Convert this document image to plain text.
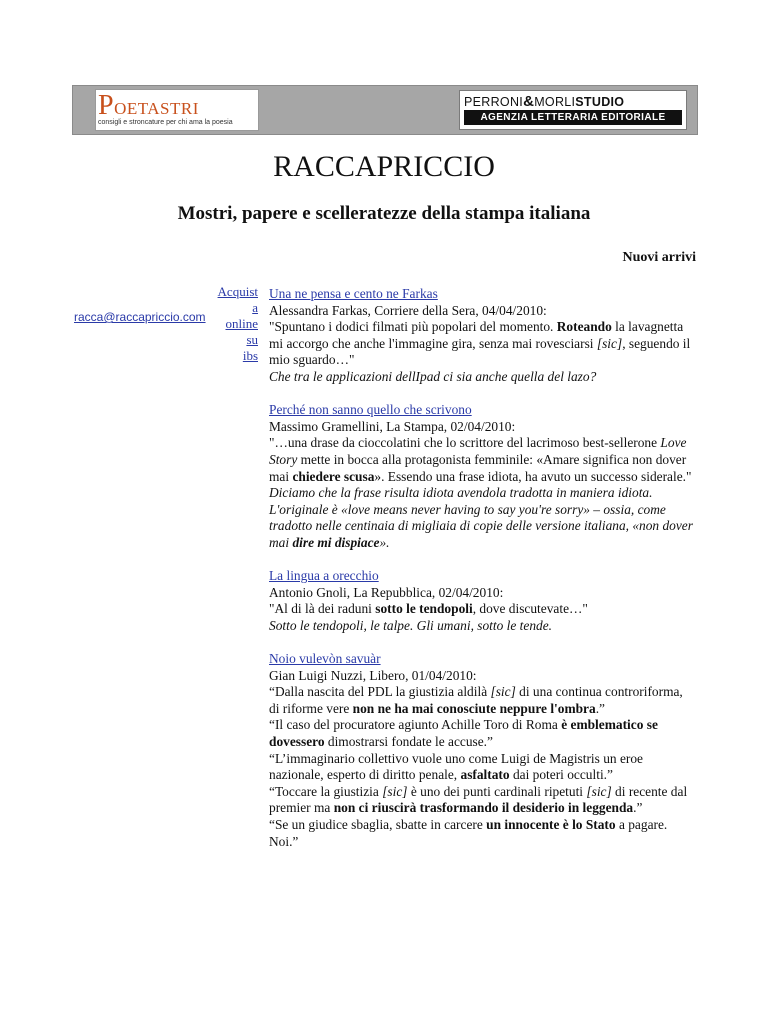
POETASTRI
consigli e stroncature per chi ama la poesia
PERRONI&MORLISTUDIO
AGENZIA LETTERARIA EDITORIALE
RACCAPRICCIO
Mostri, papere e scelleratezze della stampa italiana
Nuovi arrivi
racca@raccapriccio.com
Acquist
a
online
su
ibs

Una ne pensa e cento ne Farkas

Alessandra Farkas, Corriere della Sera, 04/04/2010:

"Spuntano i dodici filmati più popolari del momento. Roteando la lavagnetta mi accorgo che anche l'immagine gira, senza mai rovesciarsi [sic], seguendo il mio sguardo…"

Che tra le applicazioni dellIpad ci sia anche quella del lazo?

Perché non sanno quello che scrivono

Massimo Gramellini, La Stampa, 02/04/2010:

"…una drase da cioccolatini che lo scrittore del lacrimoso best-sellerone Love Story mette in bocca alla protagonista femminile: «Amare significa non dover mai chiedere scusa». Essendo una frase idiota, ha avuto un successo siderale."

Diciamo che la frase risulta idiota avendola tradotta in maniera idiota. L'originale è «love means never having to say you're sorry» – ossia, come tradotto nelle centinaia di migliaia di copie delle versione italiana, «non dover mai dire mi dispiace».

La lingua a orecchio

Antonio Gnoli, La Repubblica, 02/04/2010:

"Al di là dei raduni sotto le tendopoli, dove discutevate…"

Sotto le tendopoli, le talpe. Gli umani, sotto le tende.

Noio vulevòn savuàr

Gian Luigi Nuzzi, Libero, 01/04/2010:

“Dalla nascita del PDL la giustizia aldilà [sic] di una continua controriforma, di riforme vere non ne ha mai conosciute neppure l'ombra.”
“Il caso del procuratore agiunto Achille Toro di Roma è emblematico se dovessero dimostrarsi fondate le accuse.”
“L’immaginario collettivo vuole uno come Luigi de Magistris un eroe nazionale, esperto di diritto penale, asfaltato dai poteri occulti.”
“Toccare la giustizia [sic] è uno dei punti cardinali ripetuti [sic] di recente dal premier ma non ci riuscirà trasformando il desiderio in leggenda.”
“Se un giudice sbaglia, sbatte in carcere un innocente è lo Stato a pagare. Noi.”
